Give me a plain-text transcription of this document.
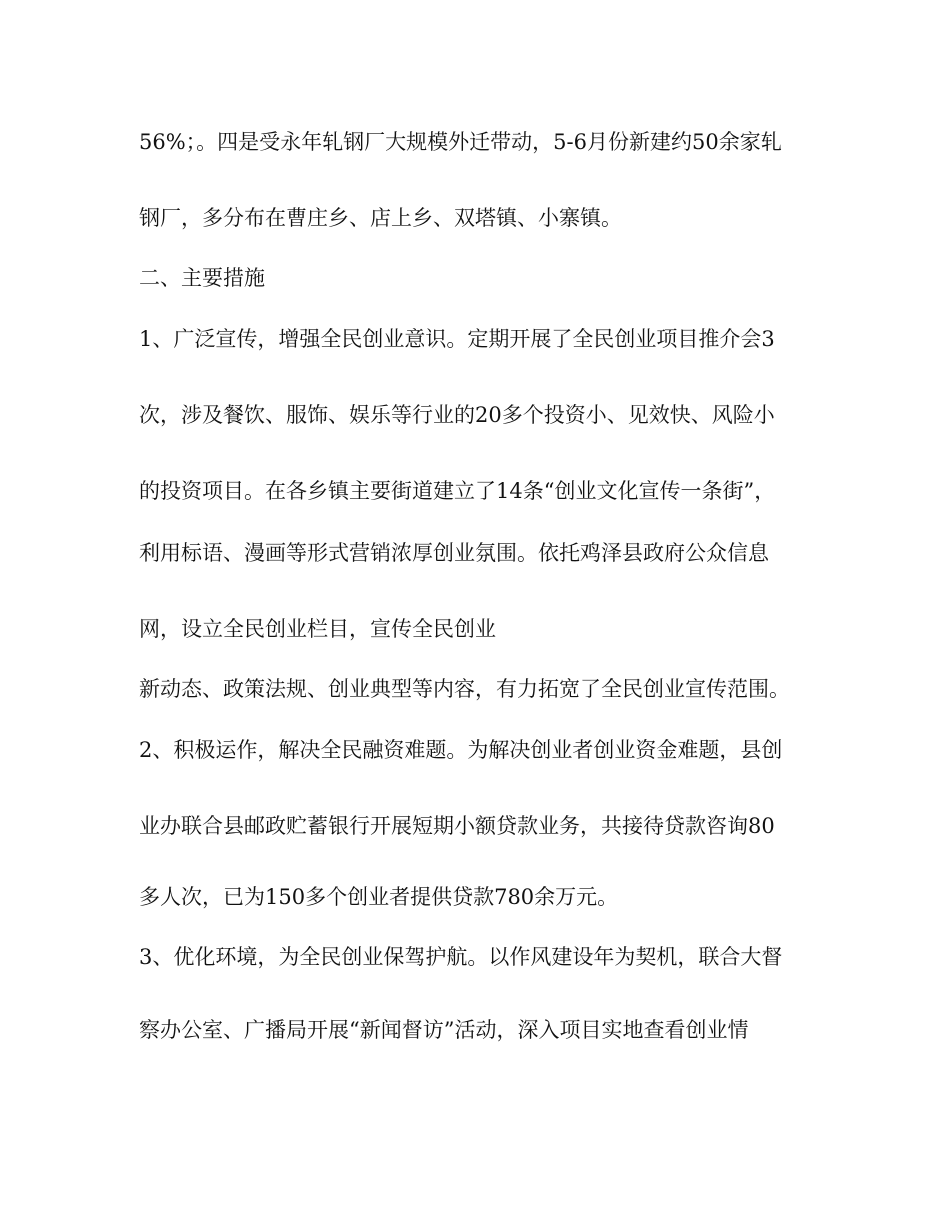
56%；。四是受永年轧钢厂大规模外迁带动，5-6月份新建约50余家轧
钢厂，多分布在曹庄乡、店上乡、双塔镇、小寨镇。
二、主要措施
1、广泛宣传，增强全民创业意识。定期开展了全民创业项目推介会3
次，涉及餐饮、服饰、娱乐等行业的20多个投资小、见效快、风险小
的投资项目。在各乡镇主要街道建立了14条“创业文化宣传一条街”，
利用标语、漫画等形式营销浓厚创业氛围。依托鸡泽县政府公众信息
网，设立全民创业栏目，宣传全民创业
新动态、政策法规、创业典型等内容，有力拓宽了全民创业宣传范围。
2、积极运作，解决全民融资难题。为解决创业者创业资金难题，县创
业办联合县邮政贮蓄银行开展短期小额贷款业务，共接待贷款咨询80
多人次，已为150多个创业者提供贷款780余万元。
3、优化环境，为全民创业保驾护航。以作风建设年为契机，联合大督
察办公室、广播局开展“新闻督访”活动，深入项目实地查看创业情
